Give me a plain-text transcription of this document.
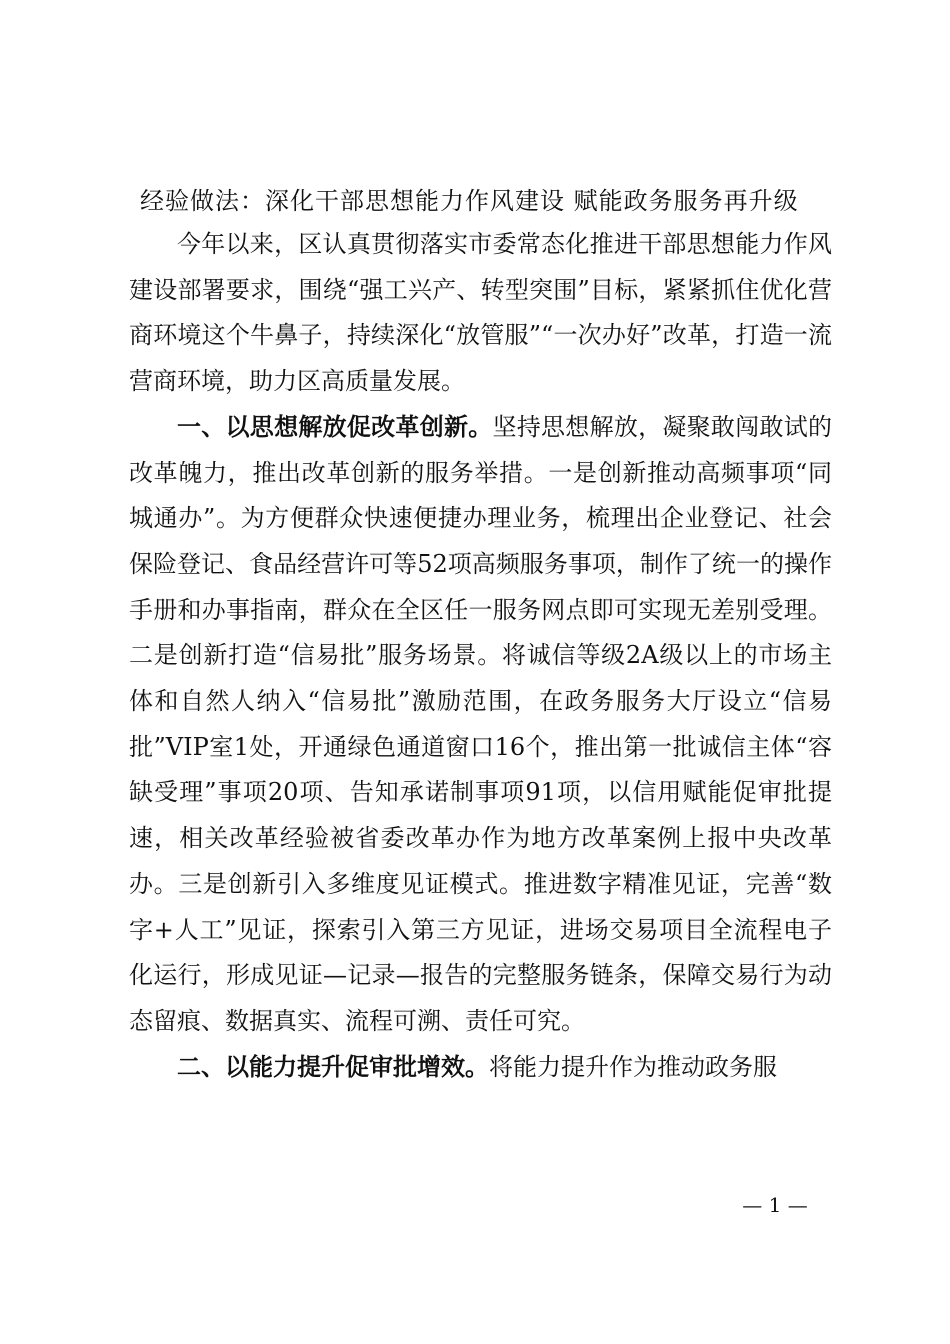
经验做法：深化干部思想能力作风建设 赋能政务服务再升级

今年以来，区认真贯彻落实市委常态化推进干部思想能力作风建设部署要求，围绕“强工兴产、转型突围”目标，紧紧抓住优化营商环境这个牛鼻子，持续深化“放管服”“一次办好”改革，打造一流营商环境，助力区高质量发展。

一、以思想解放促改革创新。坚持思想解放，凝聚敢闯敢试的改革魄力，推出改革创新的服务举措。一是创新推动高频事项“同城通办”。为方便群众快速便捷办理业务，梳理出企业登记、社会保险登记、食品经营许可等52项高频服务事项，制作了统一的操作手册和办事指南，群众在全区任一服务网点即可实现无差别受理。二是创新打造“信易批”服务场景。将诚信等级2A级以上的市场主体和自然人纳入“信易批”激励范围，在政务服务大厅设立“信易批”VIP室1处，开通绿色通道窗口16个，推出第一批诚信主体“容缺受理”事项20项、告知承诺制事项91项，以信用赋能促审批提速，相关改革经验被省委改革办作为地方改革案例上报中央改革办。三是创新引入多维度见证模式。推进数字精准见证，完善“数字+人工”见证，探索引入第三方见证，进场交易项目全流程电子化运行，形成见证—记录—报告的完整服务链条，保障交易行为动态留痕、数据真实、流程可溯、责任可究。

二、以能力提升促审批增效。将能力提升作为推动政务服

— 1 —
